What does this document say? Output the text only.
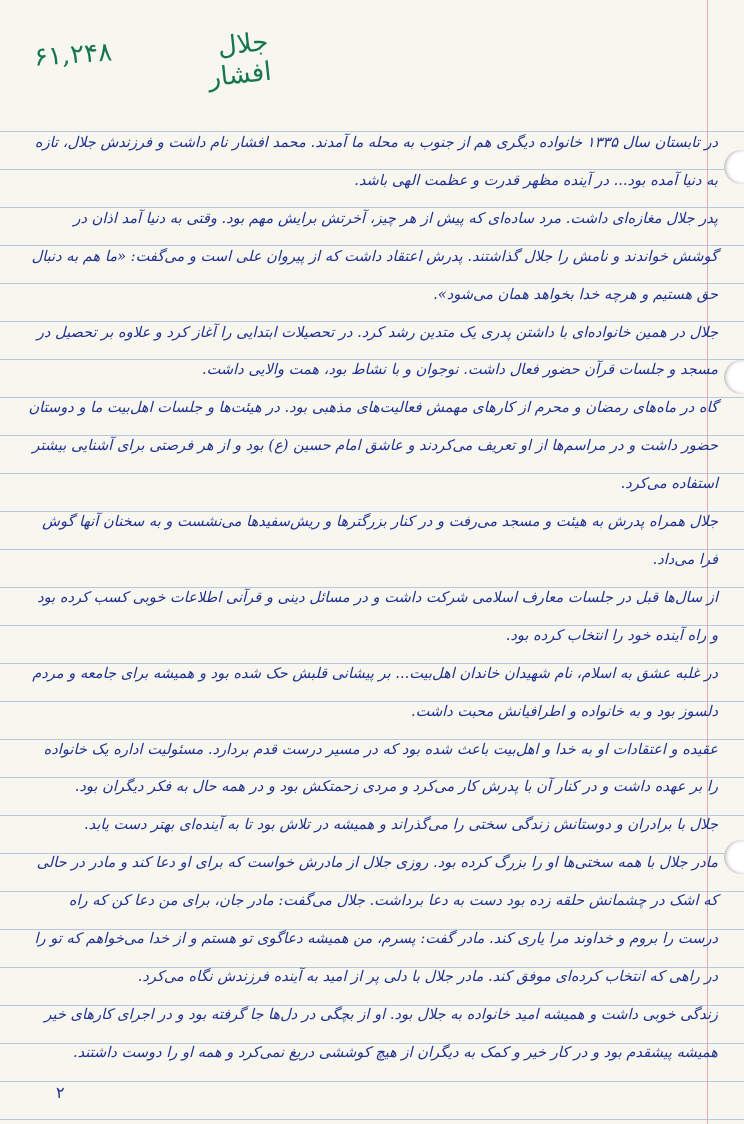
۶۱,۲۴۸	جلال افشار

در تابستان سال ۱۳۳۵ خانواده دیگری هم از جنوب به محله ما آمدند. محمد افشار نام داشت و فرزندش جلال، تازه به دنیا آمده بود... در آینده مظهر قدرت و عظمت الهی باشد.

پدر جلال مغازه‌ای داشت. مرد ساده‌ای که پیش از هر چیز، آخرتش برایش مهم بود. وقتی به دنیا آمد اذان در گوشش خواندند و نامش را جلال گذاشتند. پدرش اعتقاد داشت که از پیروان علی است و می‌گفت: «ما هم به دنبال حق هستیم و هرچه خدا بخواهد همان می‌شود».

جلال در همین خانواده‌ای با داشتن پدری یک متدین رشد کرد. در تحصیلات ابتدایی را آغاز کرد و علاوه بر تحصیل در مسجد و جلسات قرآن حضور فعال داشت. نوجوان و با نشاط بود، همت والایی داشت.

گاه در ماه‌های رمضان و محرم از کارهای مهمش فعالیت‌های مذهبی بود. در هیئت‌ها و جلسات اهل‌بیت ما و دوستان حضور داشت و در مراسم‌ها از او تعریف می‌کردند و عاشق امام حسین (ع) بود و از هر فرصتی برای آشنایی بیشتر استفاده می‌کرد.

جلال همراه پدرش به هیئت و مسجد می‌رفت و در کنار بزرگترها و ریش‌سفیدها می‌نشست و به سخنان آنها گوش فرا می‌داد.

از سال‌ها قبل در جلسات معارف اسلامی شرکت داشت و در مسائل دینی و قرآنی اطلاعات خوبی کسب کرده بود و راه آینده خود را انتخاب کرده بود.

در غلبه عشق به اسلام، نام شهیدان خاندان اهل‌بیت... بر پیشانی قلبش حک شده بود و همیشه برای جامعه و مردم دلسوز بود و به خانواده و اطرافیانش محبت داشت.

عقیده و اعتقادات او به خدا و اهل‌بیت باعث شده بود که در مسیر درست قدم بردارد. مسئولیت اداره یک خانواده را بر عهده داشت و در کنار آن با پدرش کار می‌کرد و مردی زحمتکش بود و در همه حال به فکر دیگران بود.

جلال با برادران و دوستانش زندگی سختی را می‌گذراند و همیشه در تلاش بود تا به آینده‌ای بهتر دست یابد.

مادر جلال با همه سختی‌ها او را بزرگ کرده بود. روزی جلال از مادرش خواست که برای او دعا کند و مادر در حالی که اشک در چشمانش حلقه زده بود دست به دعا برداشت. جلال می‌گفت: مادر جان، برای من دعا کن که راه درست را بروم و خداوند مرا یاری کند. مادر گفت: پسرم، من همیشه دعاگوی تو هستم و از خدا می‌خواهم که تو را در راهی که انتخاب کرده‌ای موفق کند. مادر جلال با دلی پر از امید به آینده فرزندش نگاه می‌کرد.

زندگی خوبی داشت و همیشه امید خانواده به جلال بود. او از بچگی در دل‌ها جا گرفته بود و در اجرای کارهای خیر همیشه پیشقدم بود و در کار خیر و کمک به دیگران از هیچ کوششی دریغ نمی‌کرد و همه او را دوست داشتند.

۲
